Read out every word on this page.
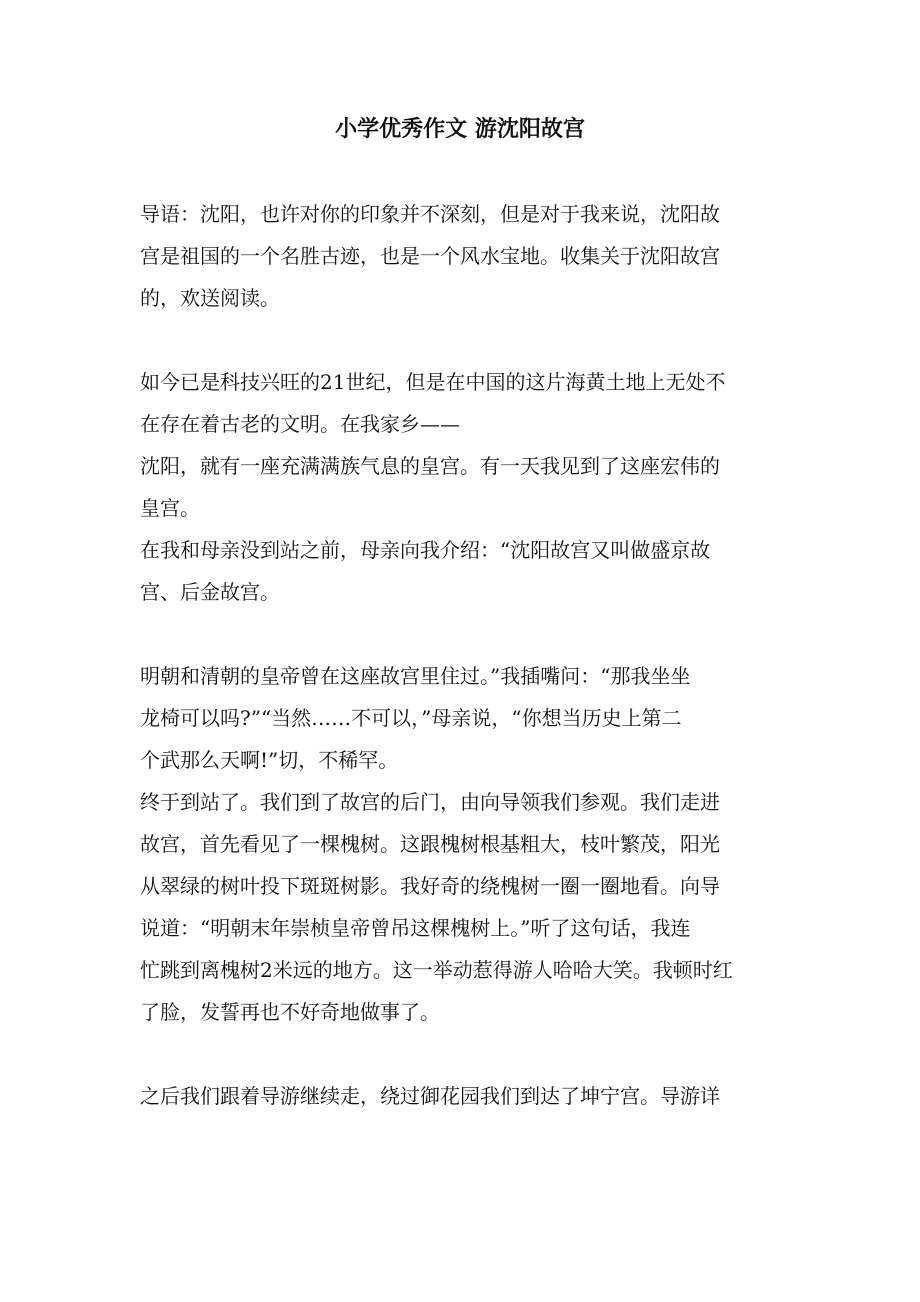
小学优秀作文 游沈阳故宫

导语：沈阳，也许对你的印象并不深刻，但是对于我来说，沈阳故

宫是祖国的一个名胜古迹，也是一个风水宝地。收集关于沈阳故宫

的，欢送阅读。

如今已是科技兴旺的21世纪，但是在中国的这片海黄土地上无处不

在存在着古老的文明。在我家乡——

沈阳，就有一座充满满族气息的皇宫。有一天我见到了这座宏伟的

皇宫。

在我和母亲没到站之前，母亲向我介绍：“沈阳故宫又叫做盛京故

宫、后金故宫。

明朝和清朝的皇帝曾在这座故宫里住过。”我插嘴问：“那我坐坐

龙椅可以吗?”“当然……不可以，”母亲说，“你想当历史上第二

个武那么天啊!”切，不稀罕。

终于到站了。我们到了故宫的后门，由向导领我们参观。我们走进

故宫，首先看见了一棵槐树。这跟槐树根基粗大，枝叶繁茂，阳光

从翠绿的树叶投下斑斑树影。我好奇的绕槐树一圈一圈地看。向导

说道：“明朝末年崇桢皇帝曾吊这棵槐树上。”听了这句话，我连

忙跳到离槐树2米远的地方。这一举动惹得游人哈哈大笑。我顿时红

了脸，发誓再也不好奇地做事了。

之后我们跟着导游继续走，绕过御花园我们到达了坤宁宫。导游详
